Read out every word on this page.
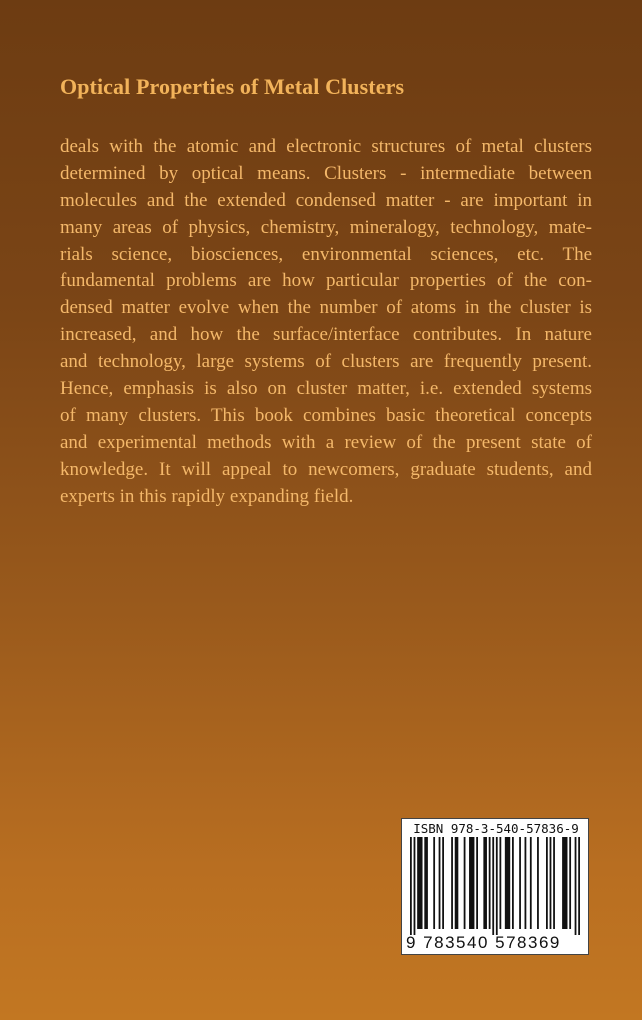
Optical Properties of Metal Clusters
deals with the atomic and electronic structures of metal clusters
determined by optical means. Clusters - intermediate between
molecules and the extended condensed matter - are important in
many areas of physics, chemistry, mineralogy, technology, mate-
rials science, biosciences, environmental sciences, etc. The
fundamental problems are how particular properties of the con-
densed matter evolve when the number of atoms in the cluster is
increased, and how the surface/interface contributes. In nature
and technology, large systems of clusters are frequently present.
Hence, emphasis is also on cluster matter, i.e. extended systems
of many clusters. This book combines basic theoretical concepts
and experimental methods with a review of the present state of
knowledge. It will appeal to newcomers, graduate students, and
experts in this rapidly expanding field.
ISBN 978-3-540-57836-9
9 783540 578369
